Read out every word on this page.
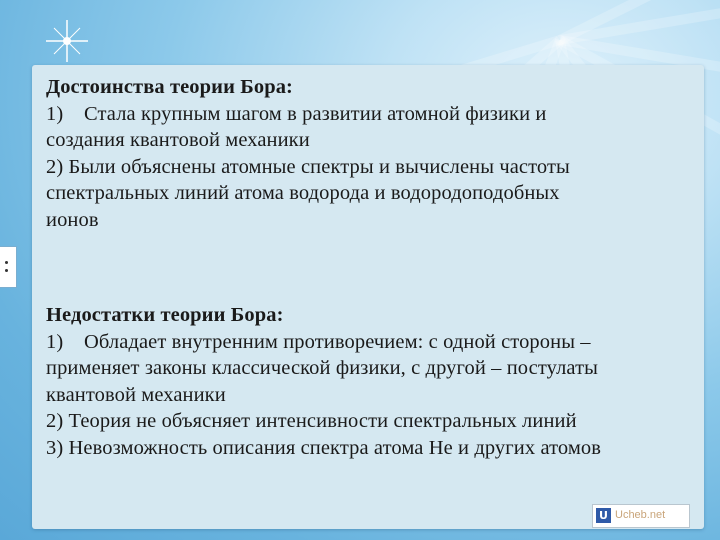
Достоинства теории Бора:
1) Стала крупным шагом в развитии атомной физики и
создания квантовой механики
2) Были объяснены атомные спектры и вычислены частоты
спектральных линий атома водорода и водородоподобных
ионов
Недостатки теории Бора:
1) Обладает внутренним противоречием: с одной стороны –
применяет законы классической физики, с другой – постулаты
квантовой механики
2) Теория не объясняет интенсивности спектральных линий
3) Невозможность описания спектра атома Не и других атомов
U Ucheb.net
